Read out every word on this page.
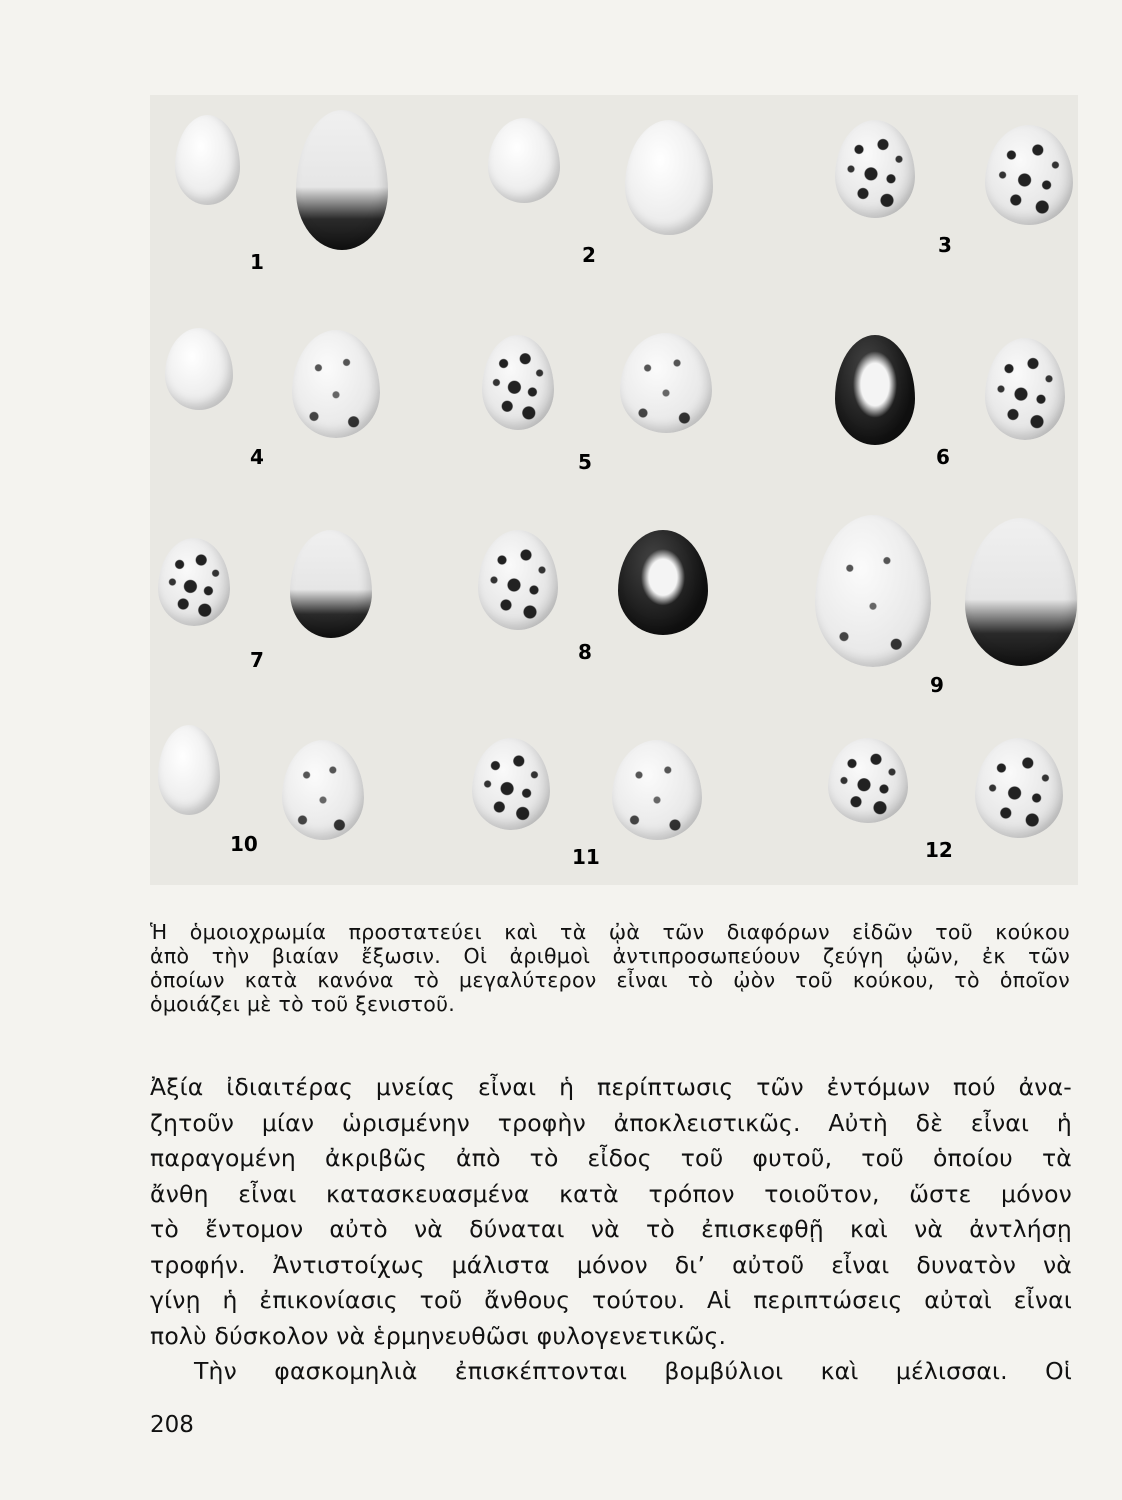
1	2	3
4	5	6
7	8
9
10
11	12
Ἡ ὁμοιοχρωμία προστατεύει καὶ τὰ ᾠὰ τῶν διαφόρων εἰδῶν τοῦ κούκου
ἀπὸ τὴν βιαίαν ἔξωσιν. Οἱ ἀριθμοὶ ἀντιπροσωπεύουν ζεύγη ᾠῶν, ἐκ τῶν
ὁποίων κατὰ κανόνα τὸ μεγαλύτερον εἶναι τὸ ᾠὸν τοῦ κούκου, τὸ ὁποῖον
ὁμοιάζει μὲ τὸ τοῦ ξενιστοῦ.
Ἀξία ἰδιαιτέρας μνείας εἶναι ἡ περίπτωσις τῶν ἐντόμων πού ἀνα-
ζητοῦν μίαν ὡρισμένην τροφὴν ἀποκλειστικῶς. Αὐτὴ δὲ εἶναι ἡ
παραγομένη ἀκριβῶς ἀπὸ τὸ εἶδος τοῦ φυτοῦ, τοῦ ὁποίου τὰ
ἄνθη εἶναι κατασκευασμένα κατὰ τρόπον τοιοῦτον, ὥστε μόνον
τὸ ἔντομον αὐτὸ νὰ δύναται νὰ τὸ ἐπισκεφθῇ καὶ νὰ ἀντλήσῃ
τροφήν. Ἀντιστοίχως μάλιστα μόνον δι’ αὐτοῦ εἶναι δυνατὸν νὰ
γίνῃ ἡ ἐπικονίασις τοῦ ἄνθους τούτου. Αἱ περιπτώσεις αὐταὶ εἶναι
πολὺ δύσκολον νὰ ἑρμηνευθῶσι φυλογενετικῶς.
Τὴν φασκομηλιὰ ἐπισκέπτονται βομβύλιοι καὶ μέλισσαι. Οἱ
208
